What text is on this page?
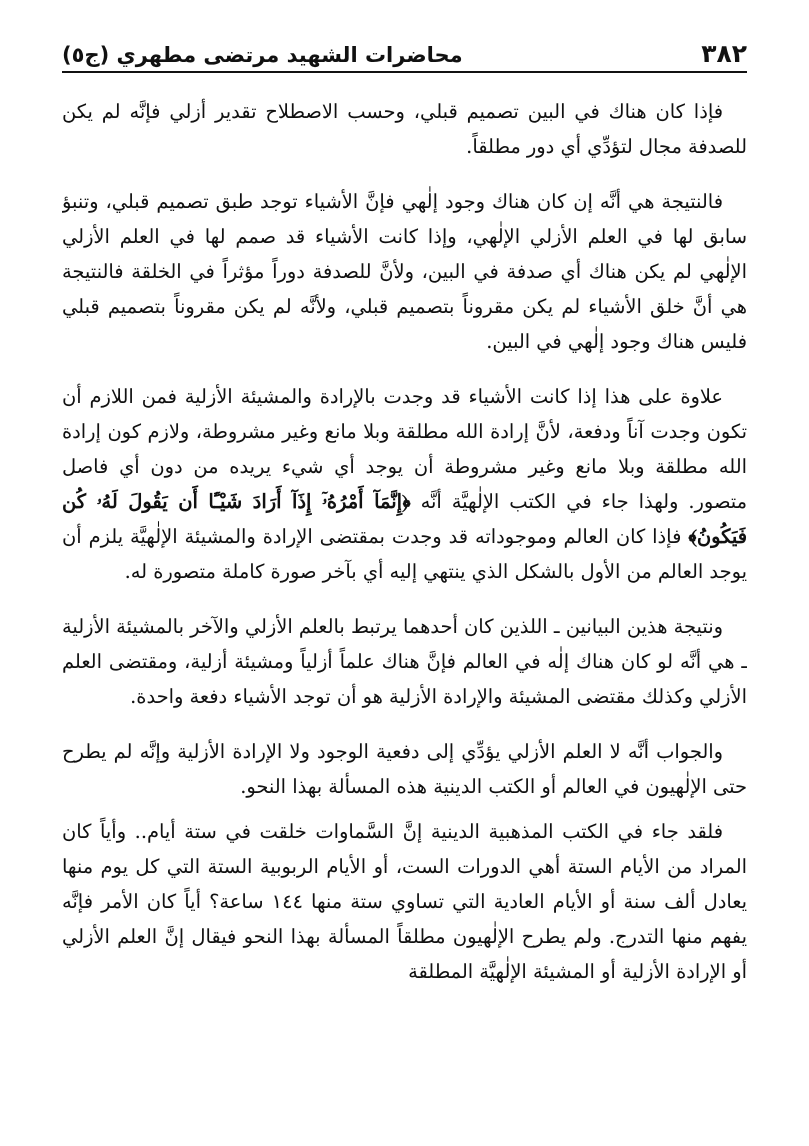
٣٨٢
محاضرات الشهيد مرتضى مطهري (ج٥)

فإذا كان هناك في البين تصميم قبلي، وحسب الاصطلاح تقدير أزلي فإنَّه لم يكن للصدفة مجال لتؤدِّي أي دور مطلقاً.

فالنتيجة هي أنَّه إن كان هناك وجود إلٰهي فإنَّ الأشياء توجد طبق تصميم قبلي، وتنبؤ سابق لها في العلم الأزلي الإلٰهي، وإذا كانت الأشياء قد صمم لها في العلم الأزلي الإلٰهي لم يكن هناك أي صدفة في البين، ولأنَّ للصدفة دوراً مؤثراً في الخلقة فالنتيجة هي أنَّ خلق الأشياء لم يكن مقروناً بتصميم قبلي، ولأنَّه لم يكن مقروناً بتصميم قبلي فليس هناك وجود إلٰهي في البين.

علاوة على هذا إذا كانت الأشياء قد وجدت بالإرادة والمشيئة الأزلية فمن اللازم أن تكون وجدت آناً ودفعة، لأنَّ إرادة الله مطلقة وبلا مانع وغير مشروطة، ولازم كون إرادة الله مطلقة وبلا مانع وغير مشروطة أن يوجد أي شيء يريده من دون أي فاصل متصور. ولهذا جاء في الكتب الإلٰهيَّة أنَّه ﴿إِنَّمَآ أَمْرُهُۥٓ إِذَآ أَرَادَ شَيْـًٔا أَن يَقُولَ لَهُۥ كُن فَيَكُونُ﴾ فإذا كان العالم وموجوداته قد وجدت بمقتضى الإرادة والمشيئة الإلٰهيَّة يلزم أن يوجد العالم من الأول بالشكل الذي ينتهي إليه أي بآخر صورة كاملة متصورة له.

ونتيجة هذين البيانين ـ اللذين كان أحدهما يرتبط بالعلم الأزلي والآخر بالمشيئة الأزلية ـ هي أنَّه لو كان هناك إلٰه في العالم فإنَّ هناك علماً أزلياً ومشيئة أزلية، ومقتضى العلم الأزلي وكذلك مقتضى المشيئة والإرادة الأزلية هو أن توجد الأشياء دفعة واحدة.

والجواب أنَّه لا العلم الأزلي يؤدِّي إلى دفعية الوجود ولا الإرادة الأزلية وإنَّه لم يطرح حتى الإلٰهيون في العالم أو الكتب الدينية هذه المسألة بهذا النحو.

فلقد جاء في الكتب المذهبية الدينية إنَّ السَّماوات خلقت في ستة أيام.. وأياً كان المراد من الأيام الستة أهي الدورات الست، أو الأيام الربوبية الستة التي كل يوم منها يعادل ألف سنة أو الأيام العادية التي تساوي ستة منها ١٤٤ ساعة؟ أياً كان الأمر فإنَّه يفهم منها التدرج. ولم يطرح الإلٰهيون مطلقاً المسألة بهذا النحو فيقال إنَّ العلم الأزلي أو الإرادة الأزلية أو المشيئة الإلٰهيَّة المطلقة
